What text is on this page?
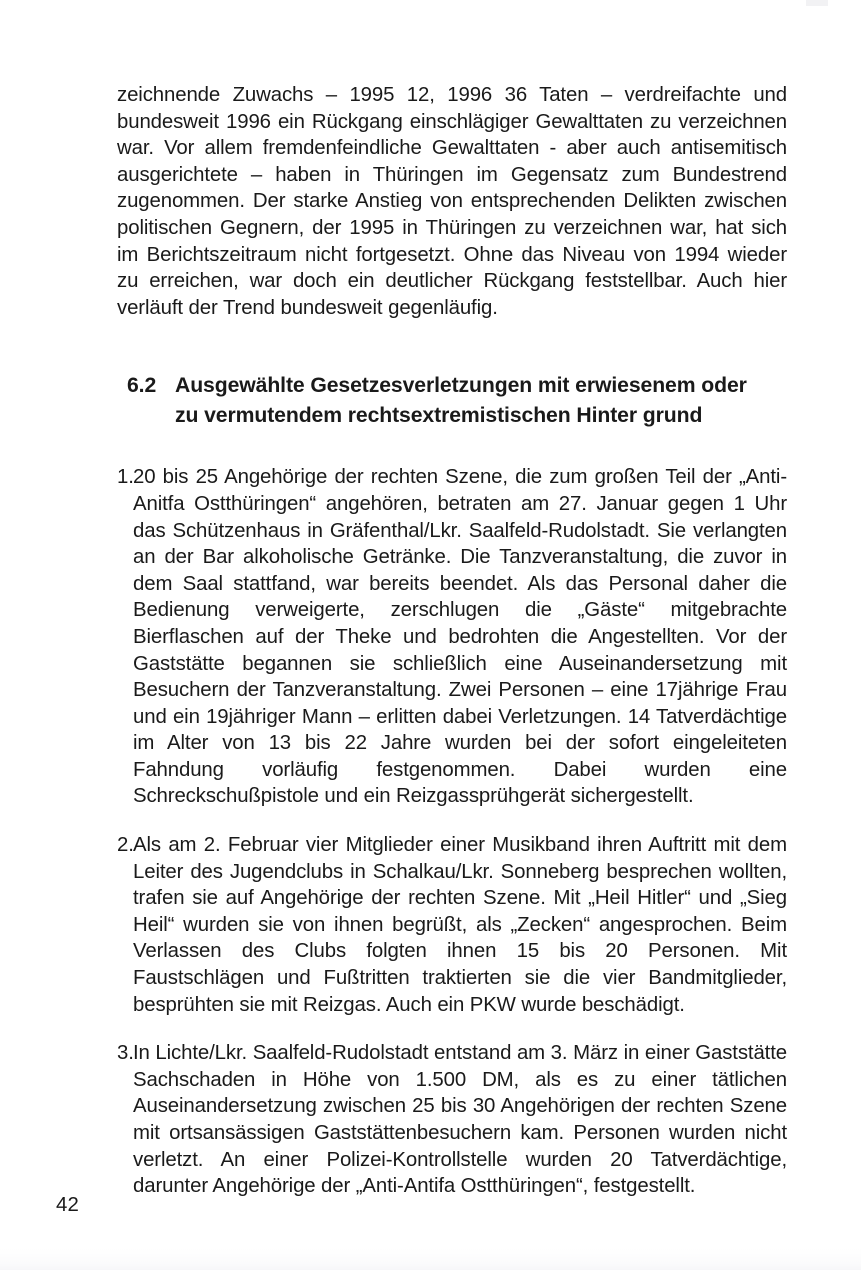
zeichnende Zuwachs – 1995 12, 1996 36 Taten – verdreifachte und bundesweit 1996 ein Rückgang einschlägiger Gewalttaten zu verzeichnen war. Vor allem fremdenfeindliche Gewalttaten - aber auch antisemitisch ausgerichtete – haben in Thüringen im Gegensatz zum Bundestrend zugenommen. Der starke Anstieg von entsprechenden Delikten zwischen politischen Gegnern, der 1995 in Thüringen zu verzeichnen war, hat sich im Berichtszeitraum nicht fortgesetzt. Ohne das Niveau von 1994 wieder zu erreichen, war doch ein deutlicher Rückgang feststellbar. Auch hier verläuft der Trend bundesweit gegenläufig.

6.2 Ausgewählte Gesetzesverletzungen mit erwiesenem oder zu vermutendem rechtsextremistischen Hinter grund
1. 20 bis 25 Angehörige der rechten Szene, die zum großen Teil der „Anti-Anitfa Ostthüringen“ angehören, betraten am 27. Januar gegen 1 Uhr das Schützenhaus in Gräfenthal/Lkr. Saalfeld-Rudolstadt. Sie verlangten an der Bar alkoholische Getränke. Die Tanzveranstaltung, die zuvor in dem Saal stattfand, war bereits beendet. Als das Personal daher die Bedienung verweigerte, zerschlugen die „Gäste“ mitgebrachte Bierflaschen auf der Theke und bedrohten die Angestellten. Vor der Gaststätte begannen sie schließlich eine Auseinandersetzung mit Besuchern der Tanzveranstaltung. Zwei Personen – eine 17jährige Frau und ein 19jähriger Mann – erlitten dabei Verletzungen. 14 Tatverdächtige im Alter von 13 bis 22 Jahre wurden bei der sofort eingeleiteten Fahndung vorläufig festgenommen. Dabei wurden eine Schreckschußpistole und ein Reizgassprühgerät sichergestellt.
2. Als am 2. Februar vier Mitglieder einer Musikband ihren Auftritt mit dem Leiter des Jugendclubs in Schalkau/Lkr. Sonneberg besprechen wollten, trafen sie auf Angehörige der rechten Szene. Mit „Heil Hitler“ und „Sieg Heil“ wurden sie von ihnen begrüßt, als „Zecken“ angesprochen. Beim Verlassen des Clubs folgten ihnen 15 bis 20 Personen. Mit Faustschlägen und Fußtritten traktierten sie die vier Bandmitglieder, besprühten sie mit Reizgas. Auch ein PKW wurde beschädigt.
3. In Lichte/Lkr. Saalfeld-Rudolstadt entstand am 3. März in einer Gaststätte Sachschaden in Höhe von 1.500 DM, als es zu einer tätlichen Auseinandersetzung zwischen 25 bis 30 Angehörigen der rechten Szene mit ortsansässigen Gaststättenbesuchern kam. Personen wurden nicht verletzt. An einer Polizei-Kontrollstelle wurden 20 Tatverdächtige, darunter Angehörige der „Anti-Antifa Ostthüringen“, festgestellt.
42
